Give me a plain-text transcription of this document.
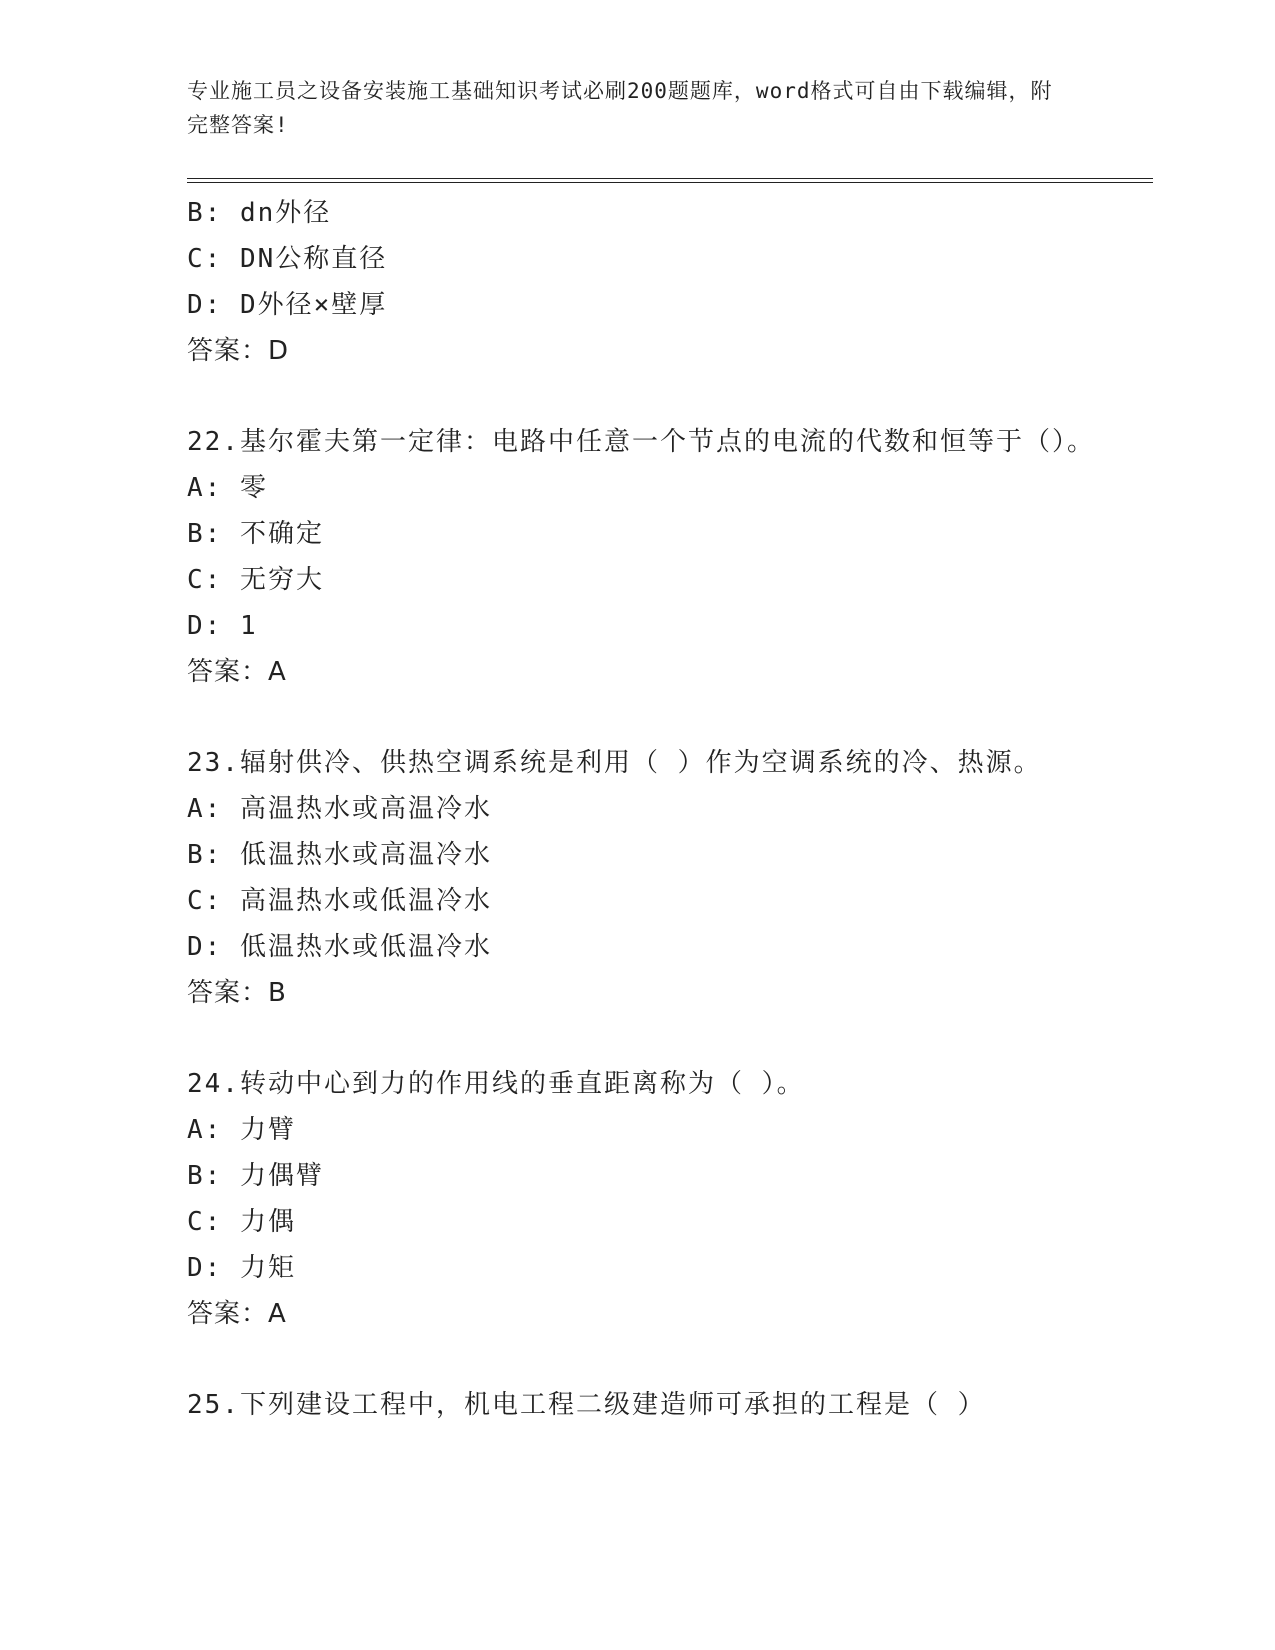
专业施工员之设备安装施工基础知识考试必刷200题题库，word格式可自由下载编辑，附完整答案!
B: dn外径
C: DN公称直径
D: D外径×壁厚
答案：D
22.基尔霍夫第一定律：电路中任意一个节点的电流的代数和恒等于（）。
A: 零
B: 不确定
C: 无穷大
D: 1
答案：A
23.辐射供冷、供热空调系统是利用（ ）作为空调系统的冷、热源。
A: 高温热水或高温冷水
B: 低温热水或高温冷水
C: 高温热水或低温冷水
D: 低温热水或低温冷水
答案：B
24.转动中心到力的作用线的垂直距离称为（ ）。
A: 力臂
B: 力偶臂
C: 力偶
D: 力矩
答案：A
25.下列建设工程中，机电工程二级建造师可承担的工程是（ ）
